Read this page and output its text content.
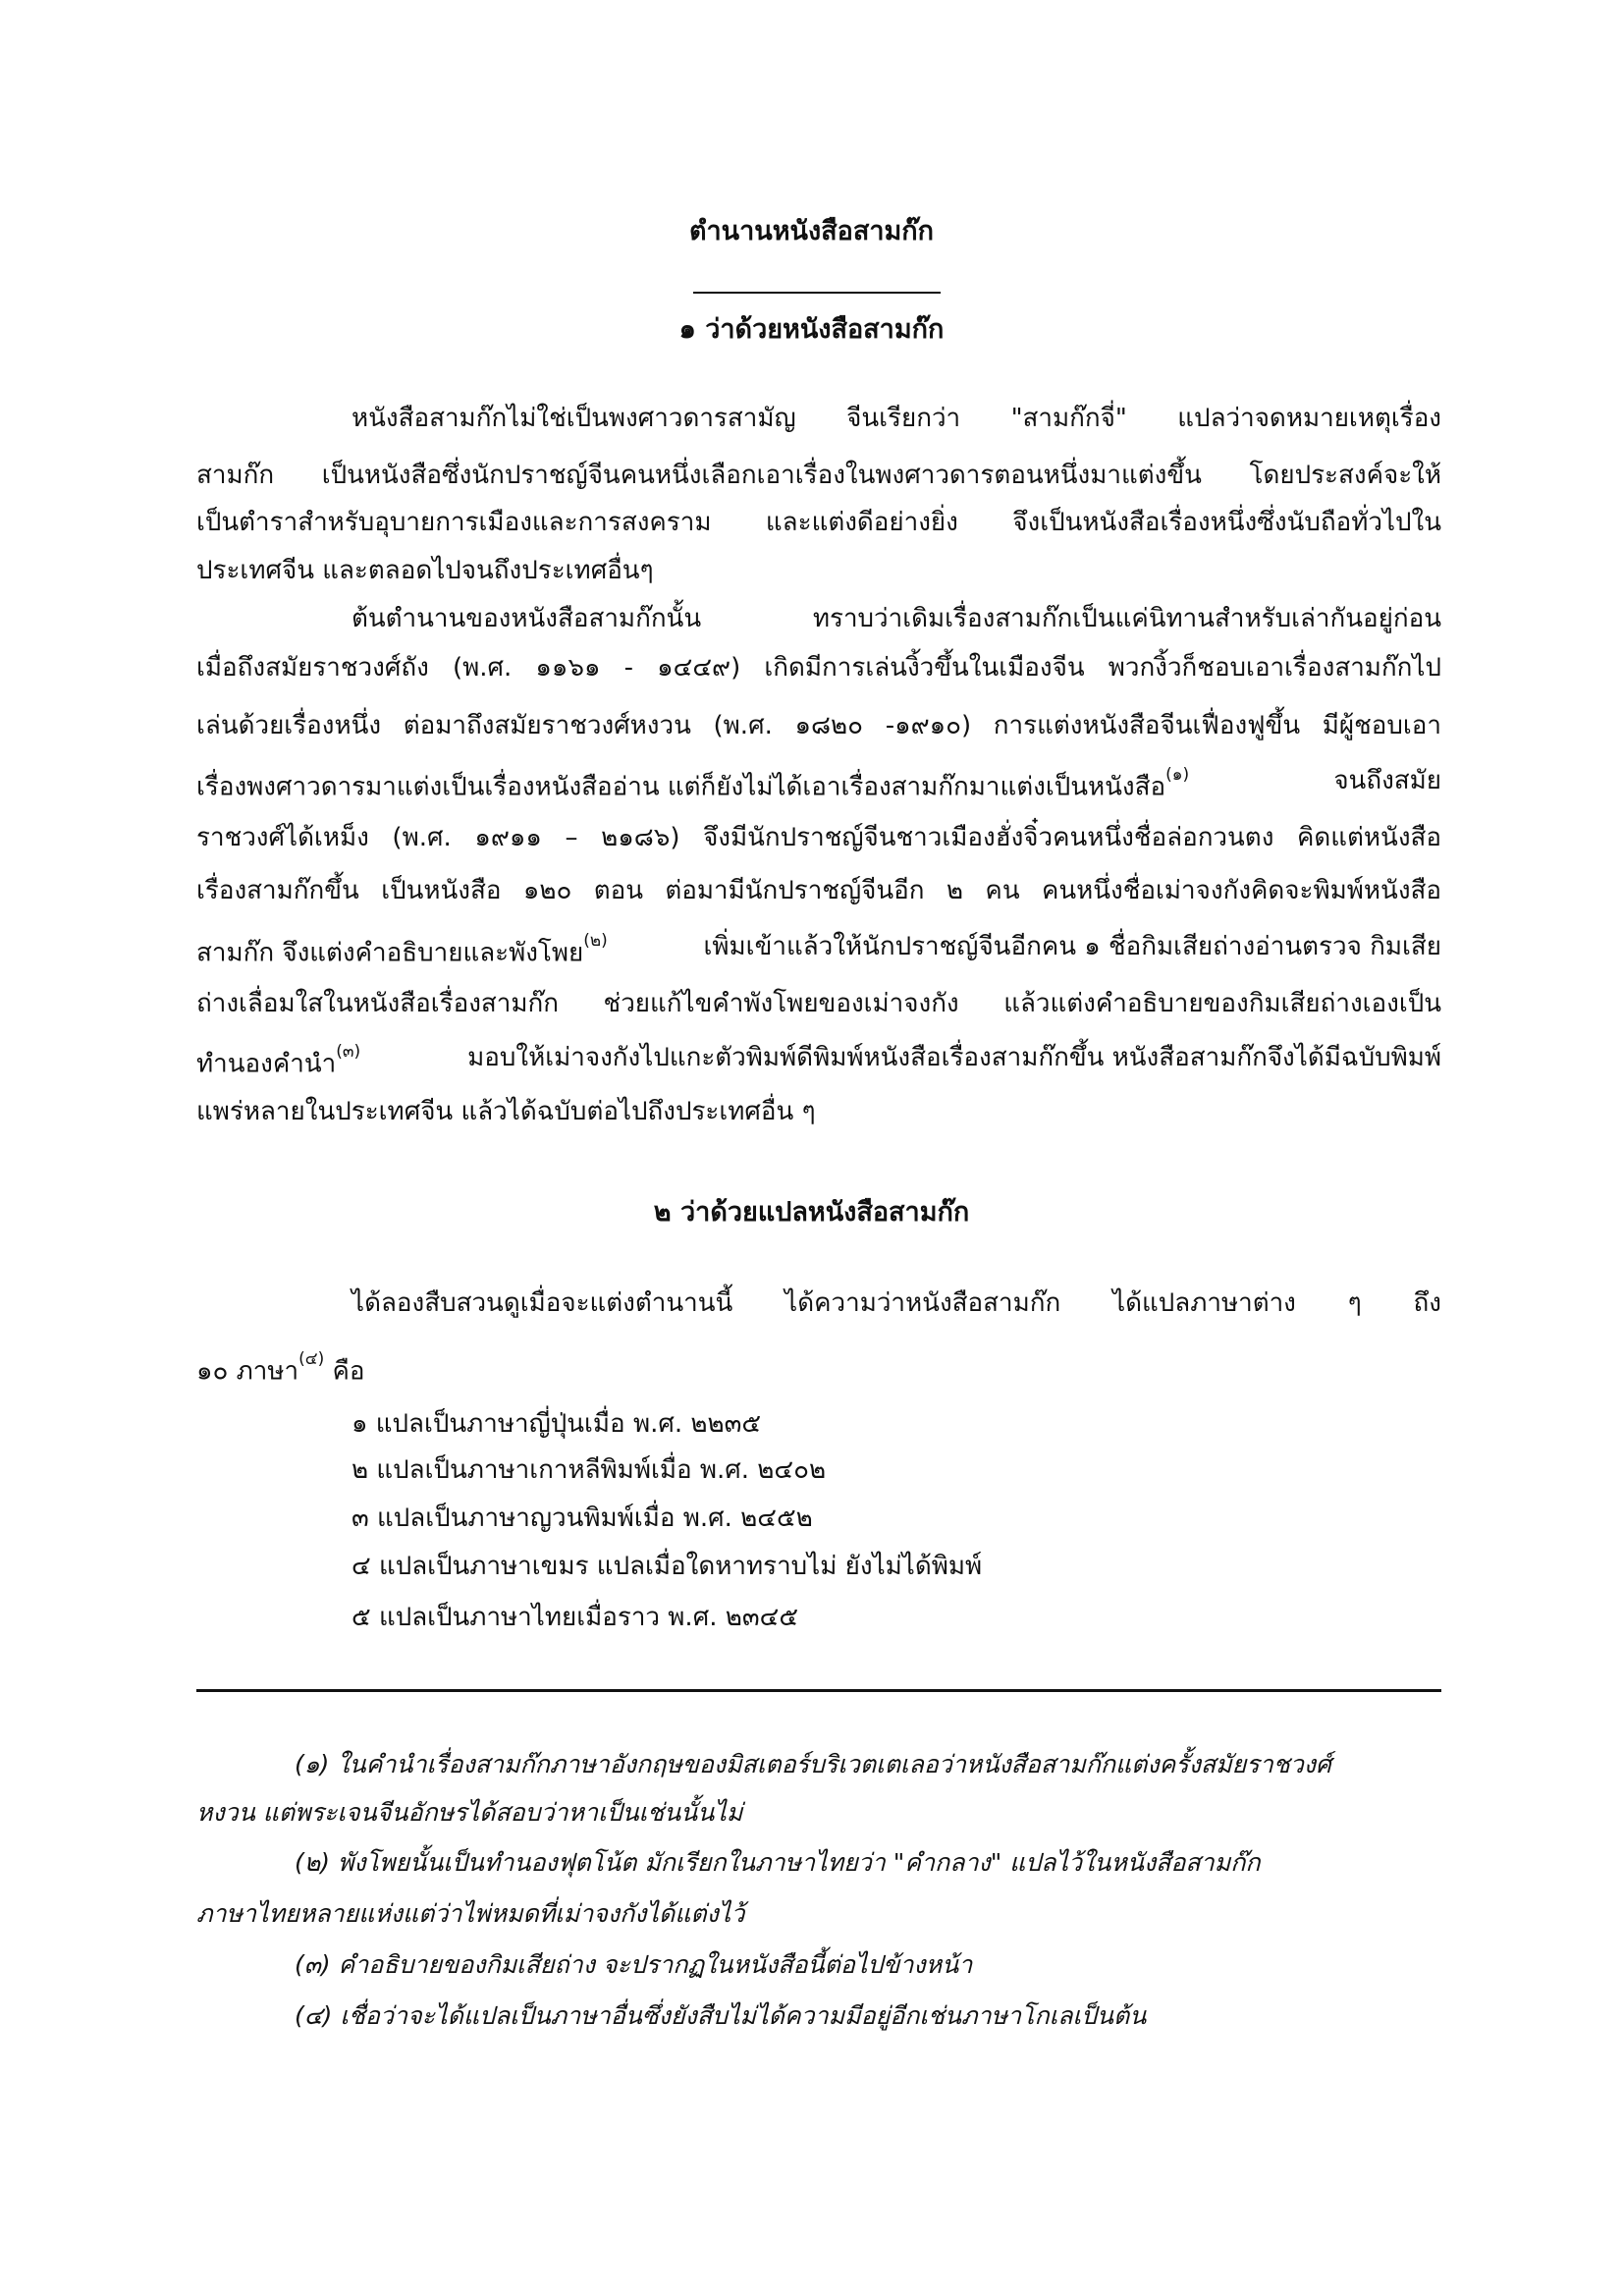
ตำนานหนังสือสามก๊ก
๑ ว่าด้วยหนังสือสามก๊ก
หนังสือสามก๊กไม่ใช่เป็นพงศาวดารสามัญ จีนเรียกว่า "สามก๊กจี่" แปลว่าจดหมายเหตุเรื่อง
สามก๊ก เป็นหนังสือซึ่งนักปราชญ์จีนคนหนึ่งเลือกเอาเรื่องในพงศาวดารตอนหนึ่งมาแต่งขึ้น โดยประสงค์จะให้
เป็นตำราสำหรับอุบายการเมืองและการสงคราม และแต่งดีอย่างยิ่ง จึงเป็นหนังสือเรื่องหนึ่งซึ่งนับถือทั่วไปใน
ประเทศจีน และตลอดไปจนถึงประเทศอื่นๆ
ต้นตำนานของหนังสือสามก๊กนั้น ทราบว่าเดิมเรื่องสามก๊กเป็นแค่นิทานสำหรับเล่ากันอยู่ก่อน
เมื่อถึงสมัยราชวงศ์ถัง (พ.ศ. ๑๑๖๑ - ๑๔๔๙) เกิดมีการเล่นงิ้วขึ้นในเมืองจีน พวกงิ้วก็ชอบเอาเรื่องสามก๊กไป
เล่นด้วยเรื่องหนึ่ง ต่อมาถึงสมัยราชวงศ์หงวน (พ.ศ. ๑๘๒๐ -๑๙๑๐) การแต่งหนังสือจีนเฟื่องฟูขึ้น มีผู้ชอบเอา
เรื่องพงศาวดารมาแต่งเป็นเรื่องหนังสืออ่าน แต่ก็ยังไม่ได้เอาเรื่องสามก๊กมาแต่งเป็นหนังสือ$^{(๑)}$	จนถึงสมัย
ราชวงศ์ได้เหม็ง (พ.ศ. ๑๙๑๑ – ๒๑๘๖) จึงมีนักปราชญ์จีนชาวเมืองฮั่งจิ๋วคนหนึ่งชื่อล่อกวนตง คิดแต่หนังสือ
เรื่องสามก๊กขึ้น เป็นหนังสือ ๑๒๐ ตอน ต่อมามีนักปราชญ์จีนอีก ๒ คน คนหนึ่งชื่อเม่าจงกังคิดจะพิมพ์หนังสือ
สามก๊ก จึงแต่งคำอธิบายและพังโพย$^{(๒)}$	เพิ่มเข้าแล้วให้นักปราชญ์จีนอีกคน ๑ ชื่อกิมเสียถ่างอ่านตรวจ กิมเสีย
ถ่างเลื่อมใสในหนังสือเรื่องสามก๊ก ช่วยแก้ไขคำพังโพยของเม่าจงกัง แล้วแต่งคำอธิบายของกิมเสียถ่างเองเป็น
ทำนองคำนำ$^{(๓)}$	มอบให้เม่าจงกังไปแกะตัวพิมพ์ดีพิมพ์หนังสือเรื่องสามก๊กขึ้น หนังสือสามก๊กจึงได้มีฉบับพิมพ์
แพร่หลายในประเทศจีน แล้วได้ฉบับต่อไปถึงประเทศอื่น ๆ
๒ ว่าด้วยแปลหนังสือสามก๊ก
ได้ลองสืบสวนดูเมื่อจะแต่งตำนานนี้ ได้ความว่าหนังสือสามก๊ก ได้แปลภาษาต่าง ๆ ถึง
๑๐ ภาษา$^{(๔)}$ คือ
๑ แปลเป็นภาษาญี่ปุ่นเมื่อ พ.ศ. ๒๒๓๕
๒ แปลเป็นภาษาเกาหลีพิมพ์เมื่อ พ.ศ. ๒๔๐๒
๓ แปลเป็นภาษาญวนพิมพ์เมื่อ พ.ศ. ๒๔๕๒
๔ แปลเป็นภาษาเขมร แปลเมื่อใดหาทราบไม่ ยังไม่ได้พิมพ์
๕ แปลเป็นภาษาไทยเมื่อราว พ.ศ. ๒๓๔๕
(๑) ในคำนำเรื่องสามก๊กภาษาอังกฤษของมิสเตอร์บริเวตเตเลอว่าหนังสือสามก๊กแต่งครั้งสมัยราชวงศ์
หงวน แต่พระเจนจีนอักษรได้สอบว่าหาเป็นเช่นนั้นไม่
(๒) พังโพยนั้นเป็นทำนองฟุตโน้ต มักเรียกในภาษาไทยว่า "คำกลาง" แปลไว้ในหนังสือสามก๊ก
ภาษาไทยหลายแห่งแต่ว่าไพ่หมดที่เม่าจงกังได้แต่งไว้
(๓) คำอธิบายของกิมเสียถ่าง จะปรากฏในหนังสือนี้ต่อไปข้างหน้า
(๔) เชื่อว่าจะได้แปลเป็นภาษาอื่นซึ่งยังสืบไม่ได้ความมีอยู่อีกเช่นภาษาโกเลเป็นต้น
